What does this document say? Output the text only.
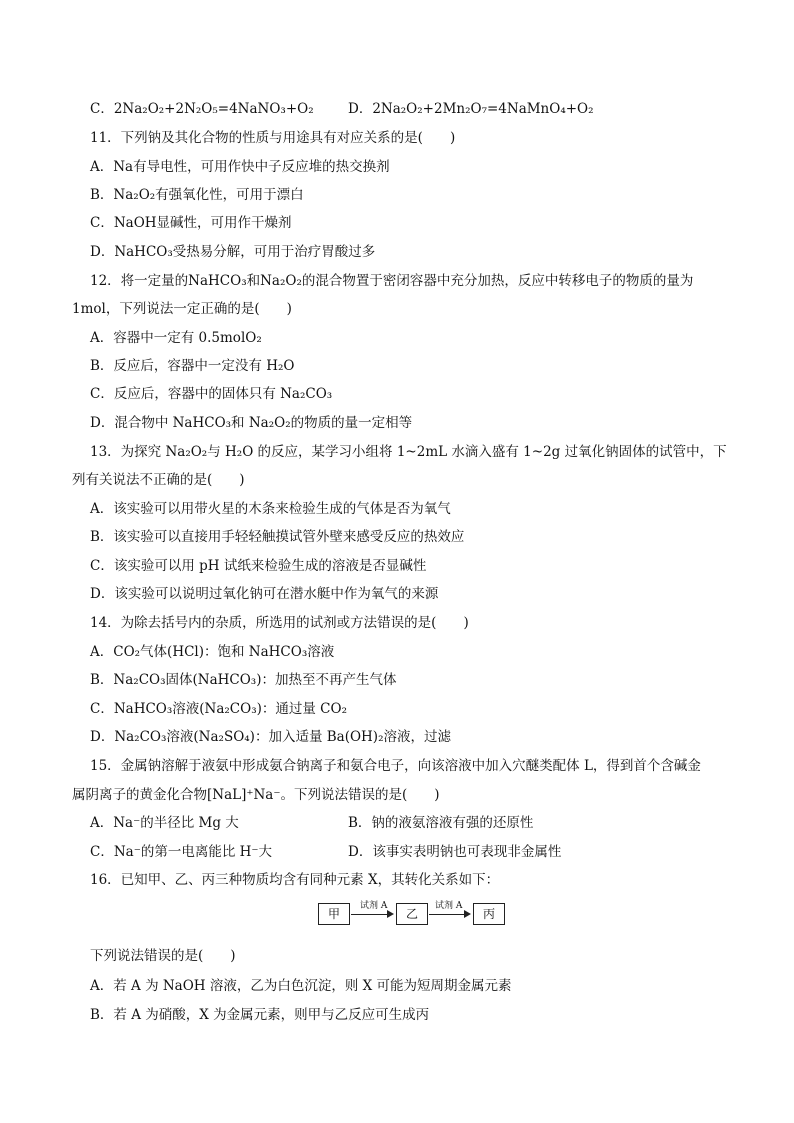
C．2Na₂O₂+2N₂O₅=4NaNO₃+O₂	D．2Na₂O₂+2Mn₂O₇=4NaMnO₄+O₂
11．下列钠及其化合物的性质与用途具有对应关系的是(　　)
A．Na有导电性，可用作快中子反应堆的热交换剂
B．Na₂O₂有强氧化性，可用于漂白
C．NaOH显碱性，可用作干燥剂
D．NaHCO₃受热易分解，可用于治疗胃酸过多
12．将一定量的NaHCO₃和Na₂O₂的混合物置于密闭容器中充分加热，反应中转移电子的物质的量为
1mol，下列说法一定正确的是(　　)
A．容器中一定有 0.5molO₂
B．反应后，容器中一定没有 H₂O
C．反应后，容器中的固体只有 Na₂CO₃
D．混合物中 NaHCO₃和 Na₂O₂的物质的量一定相等
13．为探究 Na₂O₂与 H₂O 的反应，某学习小组将 1~2mL 水滴入盛有 1~2g 过氧化钠固体的试管中，下
列有关说法不正确的是(　　)
A．该实验可以用带火星的木条来检验生成的气体是否为氧气
B．该实验可以直接用手轻轻触摸试管外壁来感受反应的热效应
C．该实验可以用 pH 试纸来检验生成的溶液是否显碱性
D．该实验可以说明过氧化钠可在潜水艇中作为氧气的来源
14．为除去括号内的杂质，所选用的试剂或方法错误的是(　　)
A．CO₂气体(HCl)：饱和 NaHCO₃溶液
B．Na₂CO₃固体(NaHCO₃)：加热至不再产生气体
C．NaHCO₃溶液(Na₂CO₃)：通过量 CO₂
D．Na₂CO₃溶液(Na₂SO₄)：加入适量 Ba(OH)₂溶液，过滤
15．金属钠溶解于液氨中形成氨合钠离子和氨合电子，向该溶液中加入穴醚类配体 L，得到首个含碱金
属阴离子的黄金化合物[NaL]⁺Na⁻。下列说法错误的是(　　)
A．Na⁻的半径比 Mg 大	B．钠的液氨溶液有强的还原性
C．Na⁻的第一电离能比 H⁻大	D．该事实表明钠也可表现非金属性
16．已知甲、乙、丙三种物质均含有同种元素 X，其转化关系如下：
甲
试剂 A
乙
试剂 A
丙
下列说法错误的是(　　)
A．若 A 为 NaOH 溶液，乙为白色沉淀，则 X 可能为短周期金属元素
B．若 A 为硝酸，X 为金属元素，则甲与乙反应可生成丙
